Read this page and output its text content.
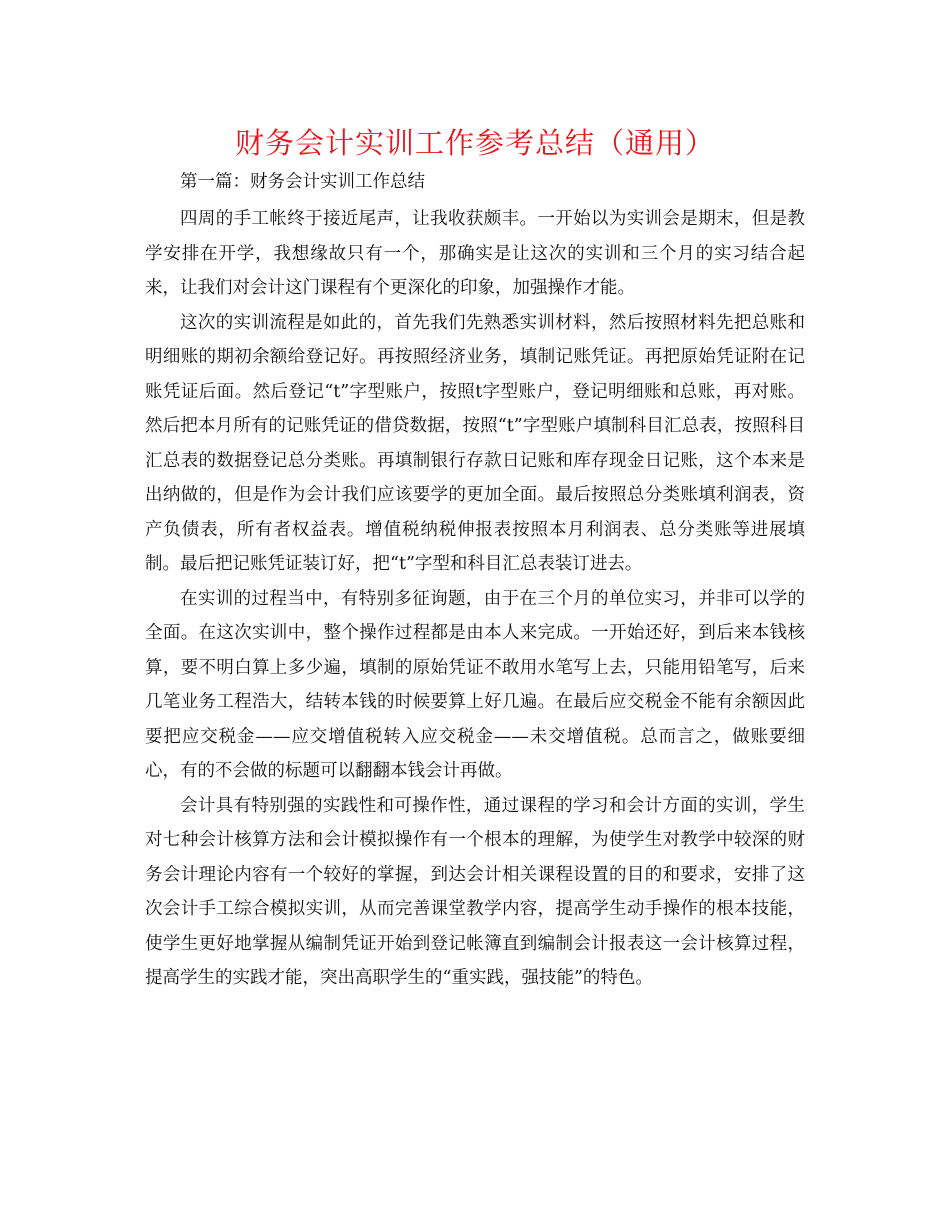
财务会计实训工作参考总结（通用）
第一篇：财务会计实训工作总结

四周的手工帐终于接近尾声，让我收获颇丰。一开始以为实训会是期末，但是教学安排在开学，我想缘故只有一个，那确实是让这次的实训和三个月的实习结合起来，让我们对会计这门课程有个更深化的印象，加强操作才能。

这次的实训流程是如此的，首先我们先熟悉实训材料，然后按照材料先把总账和明细账的期初余额给登记好。再按照经济业务，填制记账凭证。再把原始凭证附在记账凭证后面。然后登记“t”字型账户，按照t字型账户，登记明细账和总账，再对账。然后把本月所有的记账凭证的借贷数据，按照“t”字型账户填制科目汇总表，按照科目汇总表的数据登记总分类账。再填制银行存款日记账和库存现金日记账，这个本来是出纳做的，但是作为会计我们应该要学的更加全面。最后按照总分类账填利润表，资产负债表，所有者权益表。增值税纳税伸报表按照本月利润表、总分类账等进展填制。最后把记账凭证装订好，把“t”字型和科目汇总表装订进去。

在实训的过程当中，有特别多征询题，由于在三个月的单位实习，并非可以学的全面。在这次实训中，整个操作过程都是由本人来完成。一开始还好，到后来本钱核算，要不明白算上多少遍，填制的原始凭证不敢用水笔写上去，只能用铅笔写，后来几笔业务工程浩大，结转本钱的时候要算上好几遍。在最后应交税金不能有余额因此要把应交税金——应交增值税转入应交税金——未交增值税。总而言之，做账要细心，有的不会做的标题可以翻翻本钱会计再做。

会计具有特别强的实践性和可操作性，通过课程的学习和会计方面的实训，学生对七种会计核算方法和会计模拟操作有一个根本的理解，为使学生对教学中较深的财务会计理论内容有一个较好的掌握，到达会计相关课程设置的目的和要求，安排了这次会计手工综合模拟实训，从而完善课堂教学内容，提高学生动手操作的根本技能，使学生更好地掌握从编制凭证开始到登记帐簿直到编制会计报表这一会计核算过程，提高学生的实践才能，突出高职学生的“重实践，强技能”的特色。
